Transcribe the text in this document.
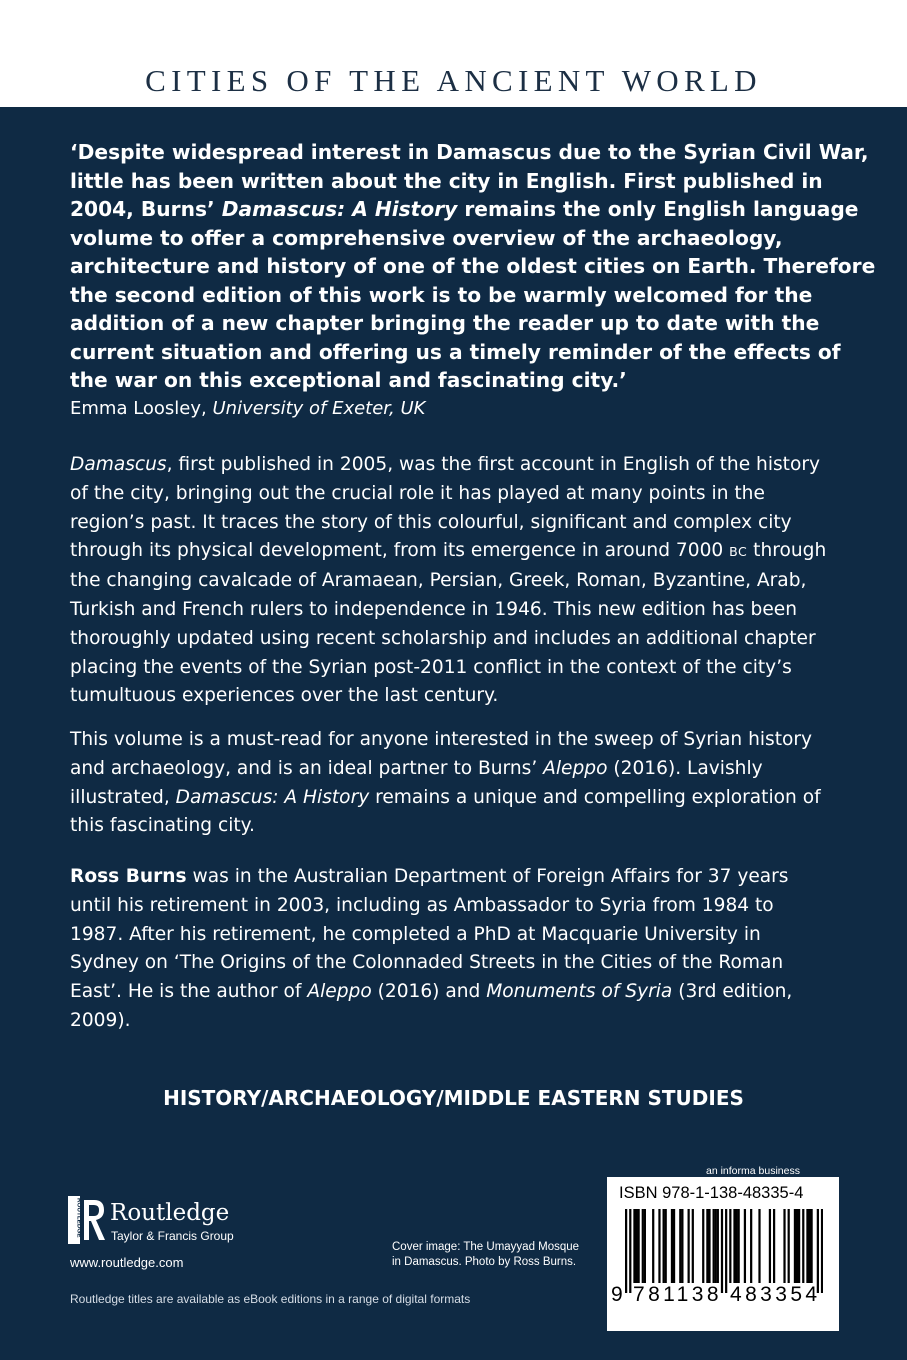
CITIES OF THE ANCIENT WORLD
‘Despite widespread interest in Damascus due to the Syrian Civil War,
little has been written about the city in English. First published in
2004, Burns’ Damascus: A History remains the only English language
volume to offer a comprehensive overview of the archaeology,
architecture and history of one of the oldest cities on Earth. Therefore
the second edition of this work is to be warmly welcomed for the
addition of a new chapter bringing the reader up to date with the
current situation and offering us a timely reminder of the effects of
the war on this exceptional and fascinating city.’
Emma Loosley, University of Exeter, UK
Damascus, first published in 2005, was the first account in English of the history
of the city, bringing out the crucial role it has played at many points in the
region’s past. It traces the story of this colourful, significant and complex city
through its physical development, from its emergence in around 7000 BC through
the changing cavalcade of Aramaean, Persian, Greek, Roman, Byzantine, Arab,
Turkish and French rulers to independence in 1946. This new edition has been
thoroughly updated using recent scholarship and includes an additional chapter
placing the events of the Syrian post-2011 conflict in the context of the city’s
tumultuous experiences over the last century.
This volume is a must-read for anyone interested in the sweep of Syrian history
and archaeology, and is an ideal partner to Burns’ Aleppo (2016). Lavishly
illustrated, Damascus: A History remains a unique and compelling exploration of
this fascinating city.
Ross Burns was in the Australian Department of Foreign Affairs for 37 years
until his retirement in 2003, including as Ambassador to Syria from 1984 to
1987. After his retirement, he completed a PhD at Macquarie University in
Sydney on ‘The Origins of the Colonnaded Streets in the Cities of the Roman
East’. He is the author of Aleppo (2016) and Monuments of Syria (3rd edition,
2009).
HISTORY/ARCHAEOLOGY/MIDDLE EASTERN STUDIES
an informa business
ROUTLEDGE Routledge
Taylor & Francis Group
www.routledge.com
Cover image: The Umayyad Mosque
in Damascus. Photo by Ross Burns.
Routledge titles are available as eBook editions in a range of digital formats
ISBN 978-1-138-48335-4
9 781138 483354
